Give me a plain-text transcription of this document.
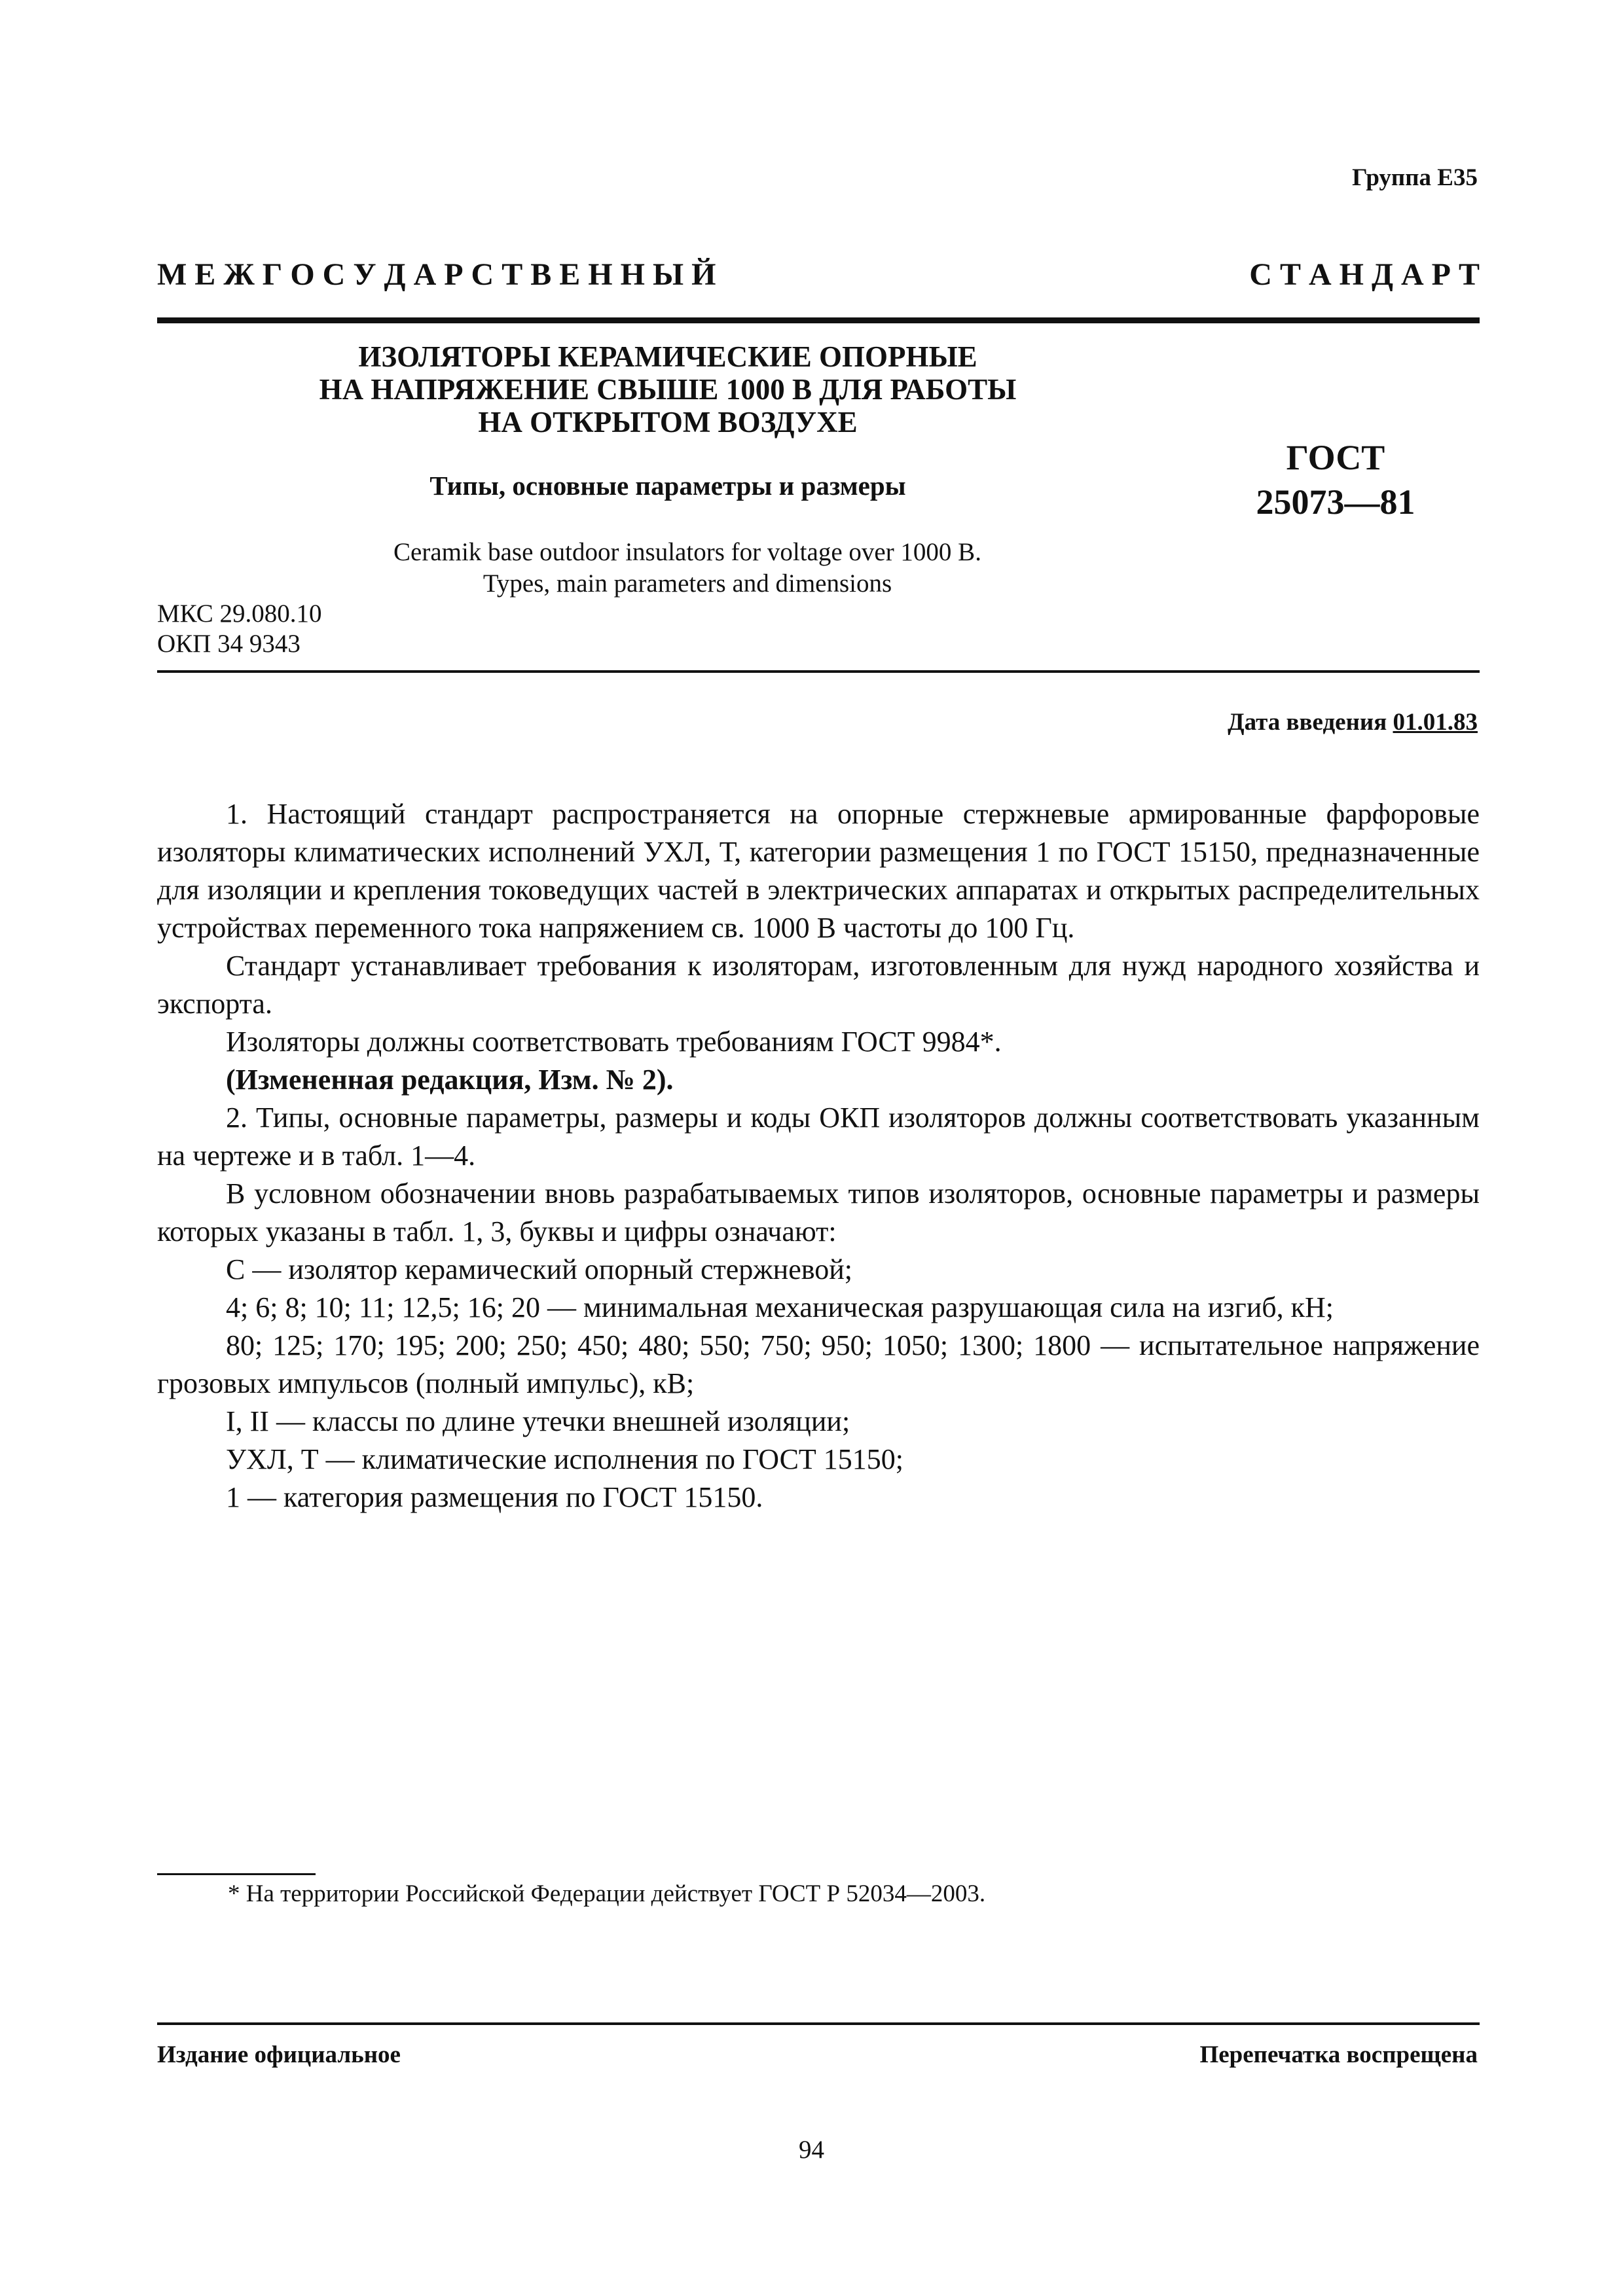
Группа Е35
М Е Ж Г О С У Д А Р С Т В Е Н Н Ы Й	С Т А Н Д А Р Т
ИЗОЛЯТОРЫ КЕРАМИЧЕСКИЕ ОПОРНЫЕ
НА НАПРЯЖЕНИЕ СВЫШЕ 1000 В ДЛЯ РАБОТЫ
НА ОТКРЫТОМ ВОЗДУХЕ
Типы, основные параметры и размеры
ГОСТ
25073—81
Ceramik base outdoor insulators for voltage over 1000 В.
Types, main parameters and dimensions
МКС 29.080.10
ОКП 34 9343
Дата введения 01.01.83

1. Настоящий стандарт распространяется на опорные стержневые армированные фарфоровые изоляторы климатических исполнений УХЛ, Т, категории размещения 1 по ГОСТ 15150, предназначенные для изоляции и крепления токоведущих частей в электрических аппаратах и открытых распределительных устройствах переменного тока напряжением св. 1000 В частоты до 100 Гц.

Стандарт устанавливает требования к изоляторам, изготовленным для нужд народного хозяйства и экспорта.

Изоляторы должны соответствовать требованиям ГОСТ 9984*.

(Измененная редакция, Изм. № 2).

2. Типы, основные параметры, размеры и коды ОКП изоляторов должны соответствовать указанным на чертеже и в табл. 1—4.

В условном обозначении вновь разрабатываемых типов изоляторов, основные параметры и размеры которых указаны в табл. 1, 3, буквы и цифры означают:

С — изолятор керамический опорный стержневой;

4; 6; 8; 10; 11; 12,5; 16; 20 — минимальная механическая разрушающая сила на изгиб, кН;

80; 125; 170; 195; 200; 250; 450; 480; 550; 750; 950; 1050; 1300; 1800 — испытательное напряжение грозовых импульсов (полный импульс), кВ;

I, II — классы по длине утечки внешней изоляции;

УХЛ, Т — климатические исполнения по ГОСТ 15150;

1 — категория размещения по ГОСТ 15150.

* На территории Российской Федерации действует ГОСТ Р 52034—2003.
Издание официальное	Перепечатка воспрещена
94
